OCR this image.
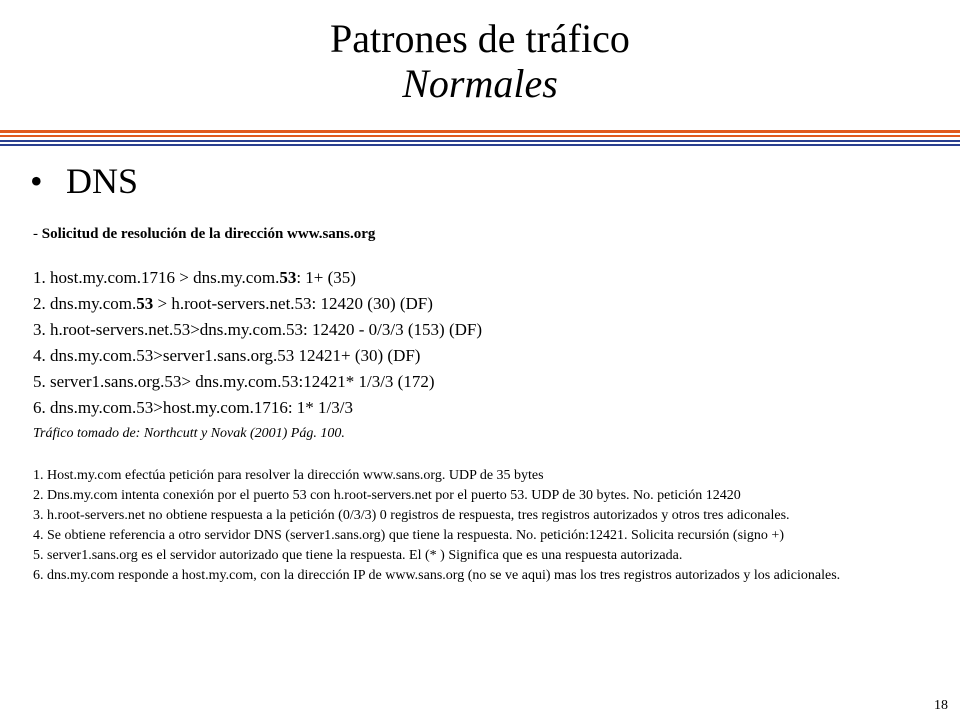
Patrones de tráfico
Normales
• DNS
- Solicitud de resolución de la dirección www.sans.org
1. host.my.com.1716 > dns.my.com.53: 1+ (35)
2. dns.my.com.53 > h.root-servers.net.53: 12420 (30) (DF)
3. h.root-servers.net.53>dns.my.com.53: 12420 - 0/3/3 (153) (DF)
4. dns.my.com.53>server1.sans.org.53 12421+ (30) (DF)
5. server1.sans.org.53> dns.my.com.53:12421* 1/3/3 (172)
6. dns.my.com.53>host.my.com.1716: 1* 1/3/3
Tráfico tomado de: Northcutt y Novak (2001) Pág. 100.
1. Host.my.com efectúa petición para resolver la dirección www.sans.org. UDP de 35 bytes
2. Dns.my.com intenta conexión por el puerto 53 con h.root-servers.net por el puerto 53. UDP de 30 bytes. No. petición 12420
3. h.root-servers.net no obtiene respuesta a la petición (0/3/3) 0 registros de respuesta, tres registros autorizados y otros tres adiconales.
4. Se obtiene referencia a otro servidor DNS (server1.sans.org) que tiene la respuesta. No. petición:12421. Solicita recursión (signo +)
5. server1.sans.org es el servidor autorizado que tiene la respuesta. El (* ) Significa que es una respuesta autorizada.
6. dns.my.com responde a host.my.com, con la dirección IP de www.sans.org (no se ve aqui) mas los tres registros autorizados y los adicionales.
18
